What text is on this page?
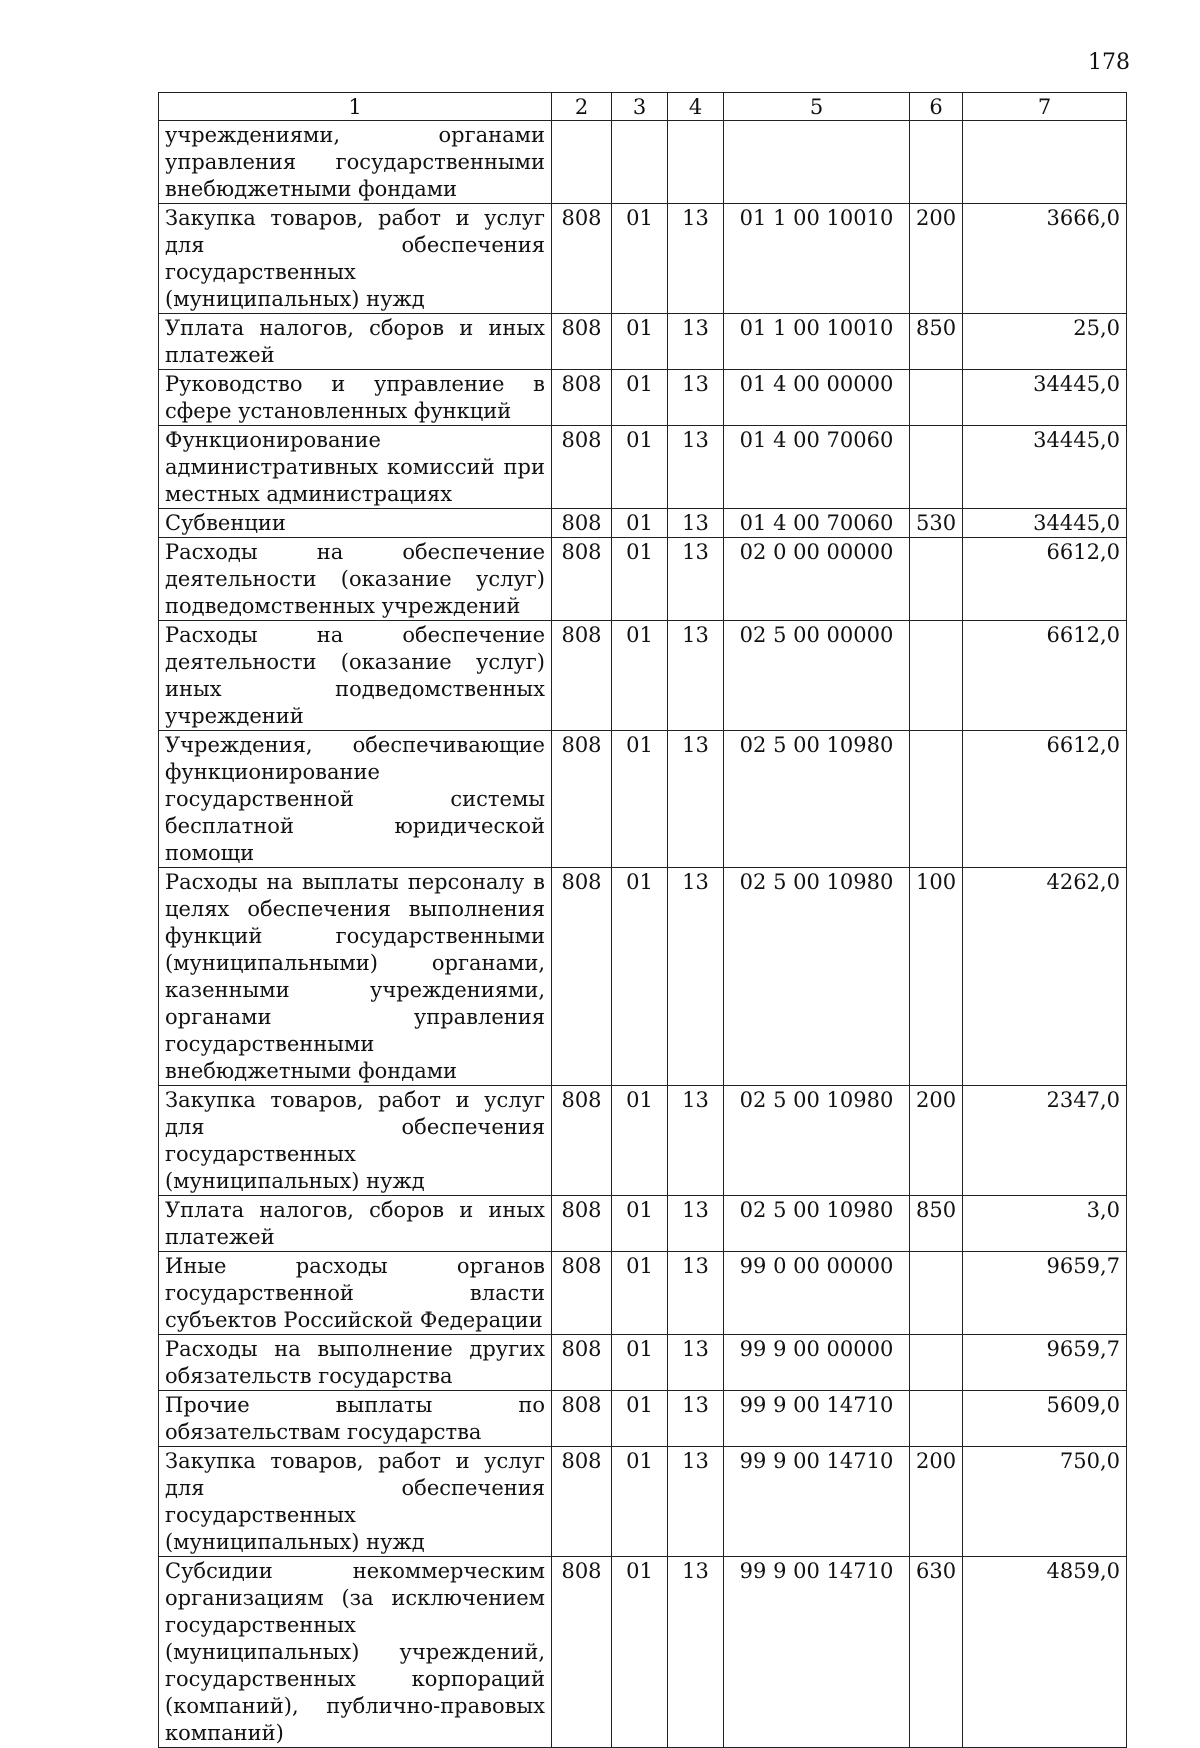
178
1	2	3	4	5	6	7
учреждениями, органами управления государственными внебюджетными фондами						
Закупка товаров, работ и услуг для обеспечения государственных (муниципальных) нужд	808	01	13	01 1 00 10010	200	3666,0
Уплата налогов, сборов и иных платежей	808	01	13	01 1 00 10010	850	25,0
Руководство и управление в сфере установленных функций	808	01	13	01 4 00 00000		34445,0
Функционирование административных комиссий при местных администрациях	808	01	13	01 4 00 70060		34445,0
Субвенции	808	01	13	01 4 00 70060	530	34445,0
Расходы на обеспечение деятельности (оказание услуг) подведомственных учреждений	808	01	13	02 0 00 00000		6612,0
Расходы на обеспечение деятельности (оказание услуг) иных подведомственных учреждений	808	01	13	02 5 00 00000		6612,0
Учреждения, обеспечивающие функционирование государственной системы бесплатной юридической помощи	808	01	13	02 5 00 10980		6612,0
Расходы на выплаты персоналу в целях обеспечения выполнения функций государственными (муниципальными) органами, казенными учреждениями, органами управления государственными внебюджетными фондами	808	01	13	02 5 00 10980	100	4262,0
Закупка товаров, работ и услуг для обеспечения государственных (муниципальных) нужд	808	01	13	02 5 00 10980	200	2347,0
Уплата налогов, сборов и иных платежей	808	01	13	02 5 00 10980	850	3,0
Иные расходы органов государственной власти субъектов Российской Федерации	808	01	13	99 0 00 00000		9659,7
Расходы на выполнение других обязательств государства	808	01	13	99 9 00 00000		9659,7
Прочие выплаты по обязательствам государства	808	01	13	99 9 00 14710		5609,0
Закупка товаров, работ и услуг для обеспечения государственных (муниципальных) нужд	808	01	13	99 9 00 14710	200	750,0
Субсидии некоммерческим организациям (за исключением государственных (муниципальных) учреждений, государственных корпораций (компаний), публично-правовых компаний)	808	01	13	99 9 00 14710	630	4859,0
